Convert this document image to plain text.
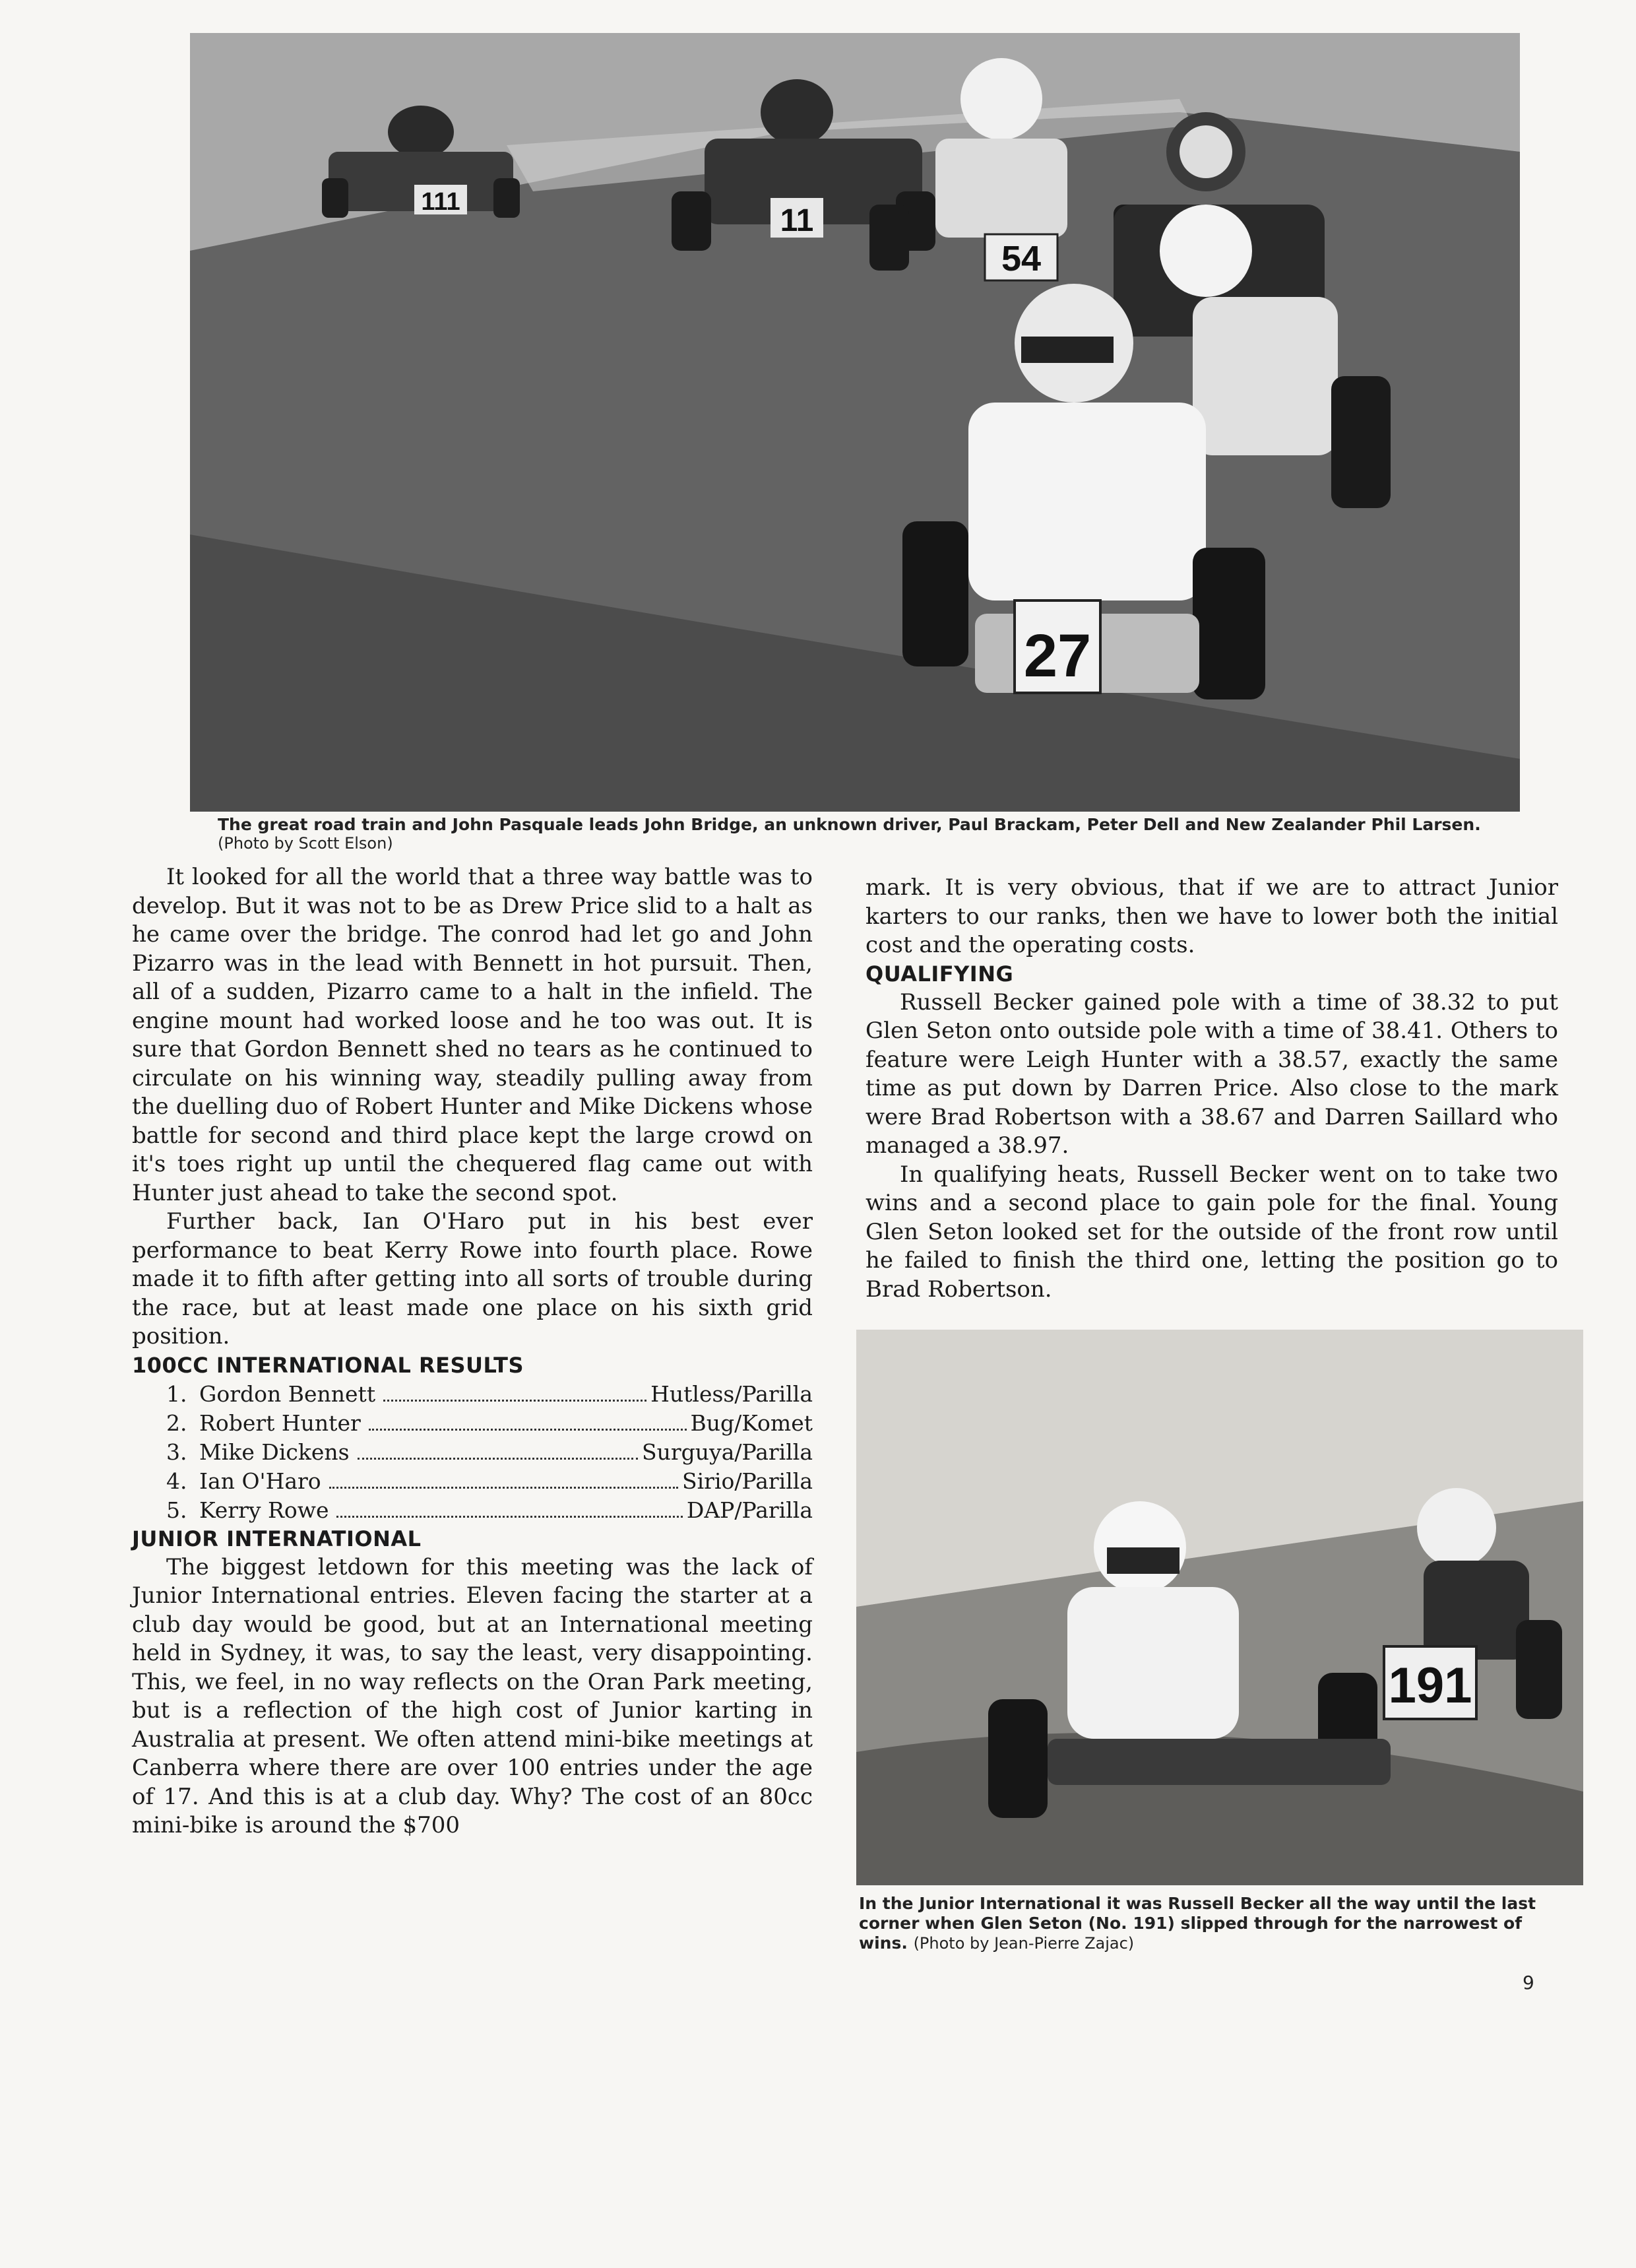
111
11
54
27
The great road train and John Pasquale leads John Bridge, an unknown driver, Paul Brackam, Peter Dell and New Zealander Phil Larsen. (Photo by Scott Elson)

It looked for all the world that a three way battle was to develop. But it was not to be as Drew Price slid to a halt as he came over the bridge. The conrod had let go and John Pizarro was in the lead with Bennett in hot pursuit. Then, all of a sudden, Pizarro came to a halt in the infield. The engine mount had worked loose and he too was out. It is sure that Gordon Bennett shed no tears as he continued to circulate on his winning way, steadily pulling away from the duelling duo of Robert Hunter and Mike Dickens whose battle for second and third place kept the large crowd on it's toes right up until the chequered flag came out with Hunter just ahead to take the second spot.

Further back, Ian O'Haro put in his best ever performance to beat Kerry Rowe into fourth place. Rowe made it to fifth after getting into all sorts of trouble during the race, but at least made one place on his sixth grid position.

100CC INTERNATIONAL RESULTS
1. Gordon Bennett	Hutless/Parilla
2. Robert Hunter	Bug/Komet
3. Mike Dickens	Surguya/Parilla
4. Ian O'Haro	Sirio/Parilla
5. Kerry Rowe	DAP/Parilla
JUNIOR INTERNATIONAL

The biggest letdown for this meeting was the lack of Junior International entries. Eleven facing the starter at a club day would be good, but at an International meeting held in Sydney, it was, to say the least, very disappointing. This, we feel, in no way reflects on the Oran Park meeting, but is a reflection of the high cost of Junior karting in Australia at present. We often attend mini-bike meetings at Canberra where there are over 100 entries under the age of 17. And this is at a club day. Why? The cost of an 80cc mini-bike is around the $700

mark. It is very obvious, that if we are to attract Junior karters to our ranks, then we have to lower both the initial cost and the operating costs.

QUALIFYING

Russell Becker gained pole with a time of 38.32 to put Glen Seton onto outside pole with a time of 38.41. Others to feature were Leigh Hunter with a 38.57, exactly the same time as put down by Darren Price. Also close to the mark were Brad Robertson with a 38.67 and Darren Saillard who managed a 38.97.

In qualifying heats, Russell Becker went on to take two wins and a second place to gain pole for the final. Young Glen Seton looked set for the outside of the front row until he failed to finish the third one, letting the position go to Brad Robertson.

191
In the Junior International it was Russell Becker all the way until the last corner when Glen Seton (No. 191) slipped through for the narrowest of wins. (Photo by Jean-Pierre Zajac)
9
